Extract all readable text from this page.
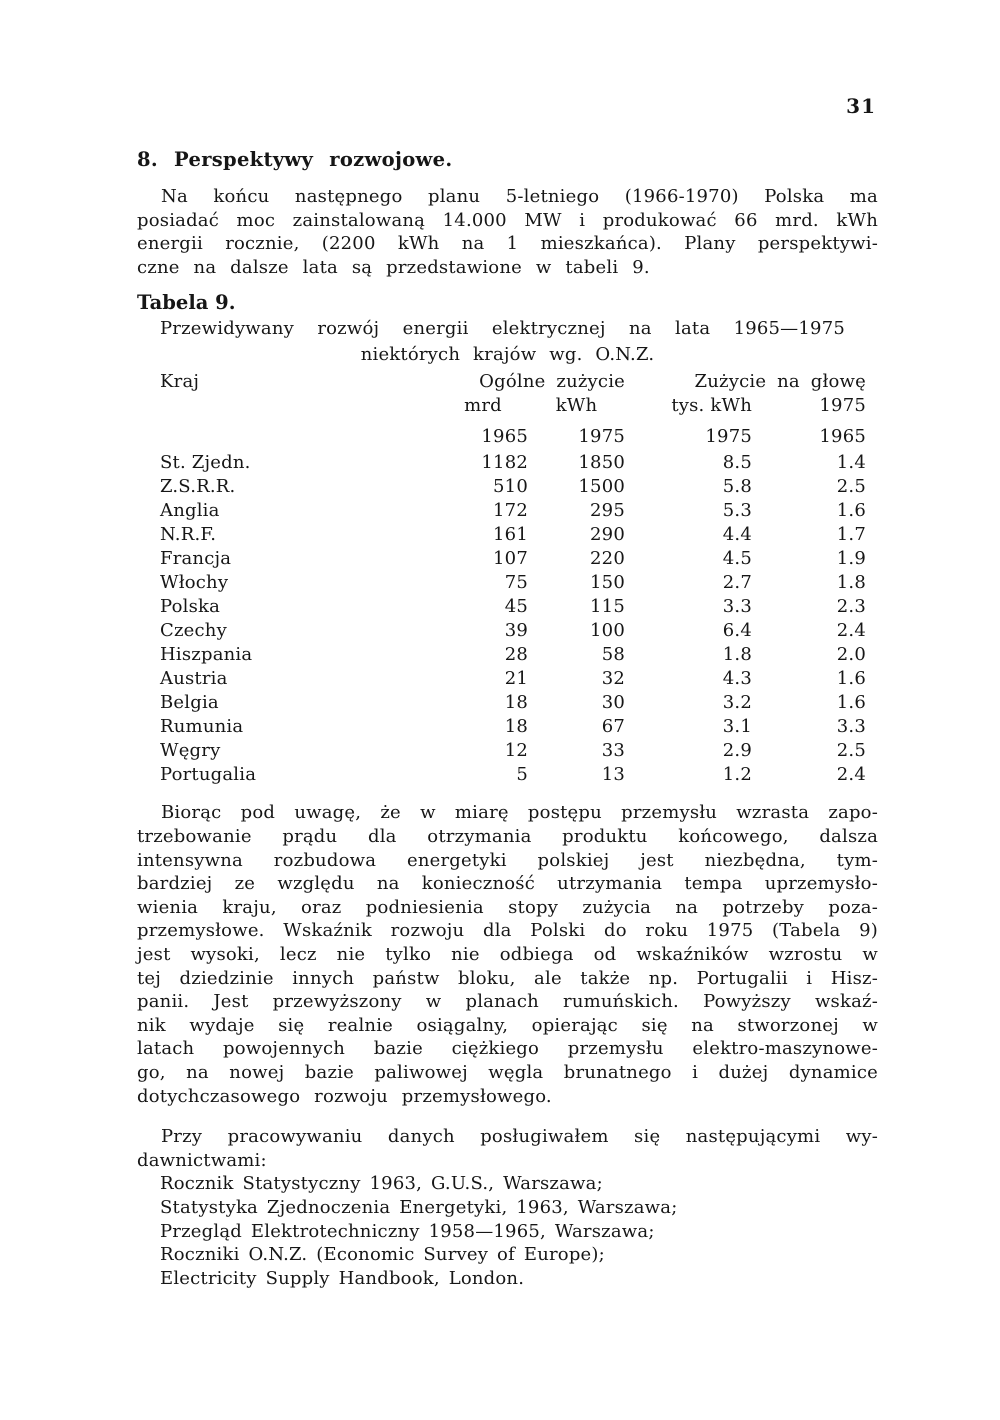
31
8. Perspektywy rozwojowe.
Na końcu następnego planu 5-letniego (1966-1970) Polska ma
posiadać moc zainstalowaną 14.000 MW i produkować 66 mrd. kWh
energii rocznie, (2200 kWh na 1 mieszkańca). Plany perspektywi-
czne na dalsze lata są przedstawione w tabeli 9.
Tabela 9.
Przewidywany rozwój energii elektrycznej na lata 1965—1975
niektórych krajów wg. O.N.Z.
Kraj	Ogólne zużycie	Zużycie na głowę
mrd	kWh	tys. kWh	1975
1965	1975	1975	1965
St. Zjedn.	1182	1850	8.5	1.4
Z.S.R.R.	510	1500	5.8	2.5
Anglia	172	295	5.3	1.6
N.R.F.	161	290	4.4	1.7
Francja	107	220	4.5	1.9
Włochy	75	150	2.7	1.8
Polska	45	115	3.3	2.3
Czechy	39	100	6.4	2.4
Hiszpania	28	58	1.8	2.0
Austria	21	32	4.3	1.6
Belgia	18	30	3.2	1.6
Rumunia	18	67	3.1	3.3
Węgry	12	33	2.9	2.5
Portugalia	5	13	1.2	2.4
Biorąc pod uwagę, że w miarę postępu przemysłu wzrasta zapo-
trzebowanie prądu dla otrzymania produktu końcowego, dalsza
intensywna rozbudowa energetyki polskiej jest niezbędna, tym-
bardziej ze względu na konieczność utrzymania tempa uprzemysło-
wienia kraju, oraz podniesienia stopy zużycia na potrzeby poza-
przemysłowe. Wskaźnik rozwoju dla Polski do roku 1975 (Tabela 9)
jest wysoki, lecz nie tylko nie odbiega od wskaźników wzrostu w
tej dziedzinie innych państw bloku, ale także np. Portugalii i Hisz-
panii. Jest przewyższony w planach rumuńskich. Powyższy wskaź-
nik wydaje się realnie osiągalny, opierając się na stworzonej w
latach powojennych bazie ciężkiego przemysłu elektro-maszynowe-
go, na nowej bazie paliwowej węgla brunatnego i dużej dynamice
dotychczasowego rozwoju przemysłowego.
Przy pracowywaniu danych posługiwałem się następującymi wy-
dawnictwami:
Rocznik Statystyczny 1963, G.U.S., Warszawa;
Statystyka Zjednoczenia Energetyki, 1963, Warszawa;
Przegląd Elektrotechniczny 1958—1965, Warszawa;
Roczniki O.N.Z. (Economic Survey of Europe);
Electricity Supply Handbook, London.
